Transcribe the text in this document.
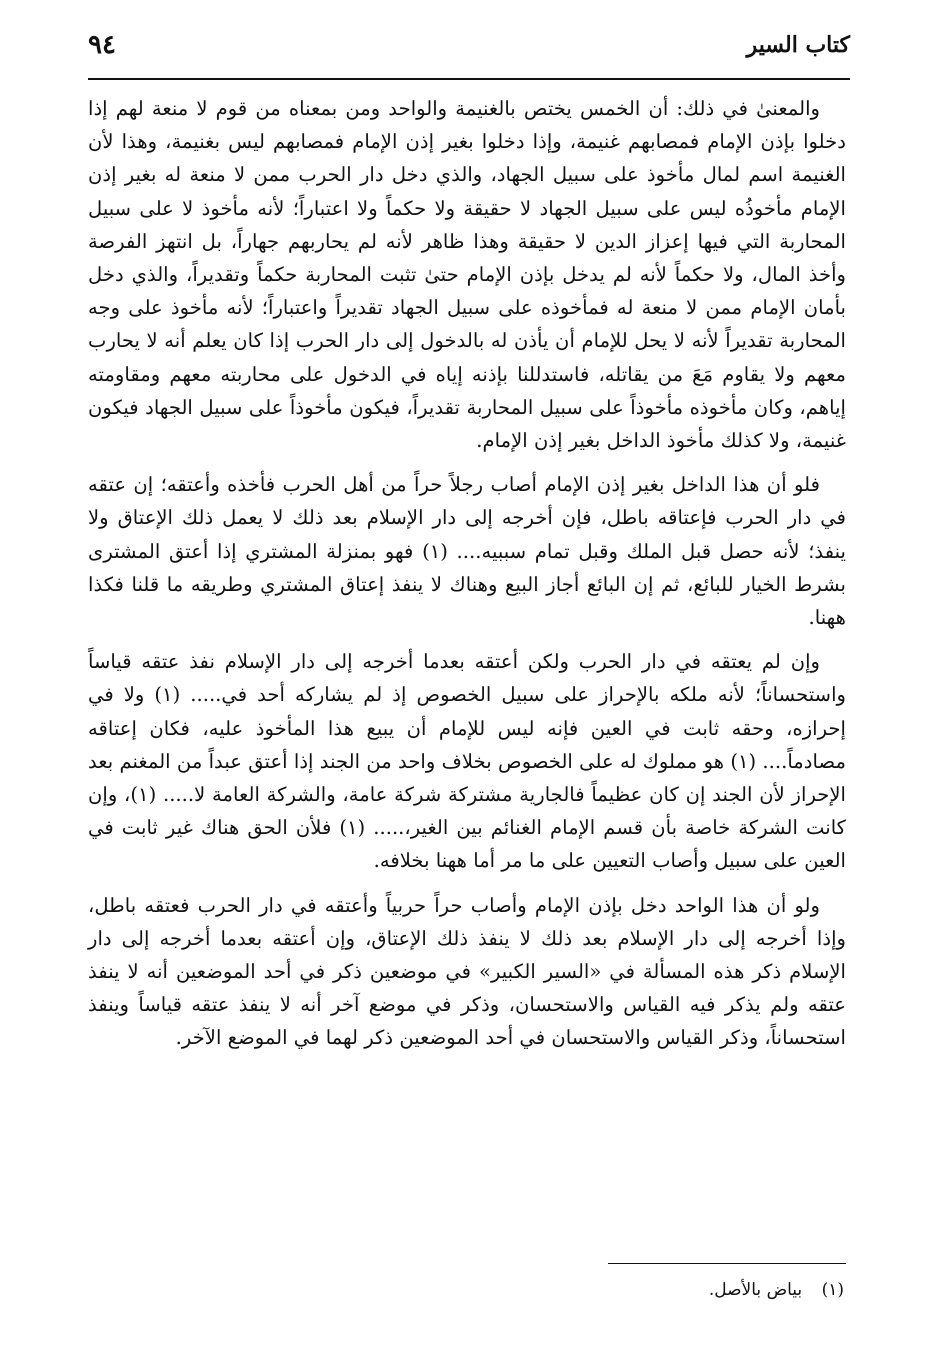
كتاب السير
٩٤

والمعنىٰ في ذلك: أن الخمس يختص بالغنيمة والواحد ومن بمعناه من قوم لا منعة لهم إذا دخلوا بإذن الإمام فمصابهم غنيمة، وإذا دخلوا بغير إذن الإمام فمصابهم ليس بغنيمة، وهذا لأن الغنيمة اسم لمال مأخوذ على سبيل الجهاد، والذي دخل دار الحرب ممن لا منعة له بغير إذن الإمام مأخوذُه ليس على سبيل الجهاد لا حقيقة ولا حكماً ولا اعتباراً؛ لأنه مأخوذ لا على سبيل المحاربة التي فيها إعزاز الدين لا حقيقة وهذا ظاهر لأنه لم يحاربهم جهاراً، بل انتهز الفرصة وأخذ المال، ولا حكماً لأنه لم يدخل بإذن الإمام حتىٰ تثبت المحاربة حكماً وتقديراً، والذي دخل بأمان الإمام ممن لا منعة له فمأخوذه على سبيل الجهاد تقديراً واعتباراً؛ لأنه مأخوذ على وجه المحاربة تقديراً لأنه لا يحل للإمام أن يأذن له بالدخول إلى دار الحرب إذا كان يعلم أنه لا يحارب معهم ولا يقاوم مَعَ من يقاتله، فاستدللنا بإذنه إياه في الدخول على محاربته معهم ومقاومته إياهم، وكان مأخوذه مأخوذاً على سبيل المحاربة تقديراً، فيكون مأخوذاً على سبيل الجهاد فيكون غنيمة، ولا كذلك مأخوذ الداخل بغير إذن الإمام.

فلو أن هذا الداخل بغير إذن الإمام أصاب رجلاً حراً من أهل الحرب فأخذه وأعتقه؛ إن عتقه في دار الحرب فإعتاقه باطل، فإن أخرجه إلى دار الإسلام بعد ذلك لا يعمل ذلك الإعتاق ولا ينفذ؛ لأنه حصل قبل الملك وقبل تمام سببيه.... (١) فهو بمنزلة المشتري إذا أعتق المشترى بشرط الخيار للبائع، ثم إن البائع أجاز البيع وهناك لا ينفذ إعتاق المشتري وطريقه ما قلنا فكذا ههنا.

وإن لم يعتقه في دار الحرب ولكن أعتقه بعدما أخرجه إلى دار الإسلام نفذ عتقه قياساً واستحساناً؛ لأنه ملكه بالإحراز على سبيل الخصوص إذ لم يشاركه أحد في..... (١) ولا في إحرازه، وحقه ثابت في العين فإنه ليس للإمام أن يبيع هذا المأخوذ عليه، فكان إعتاقه مصادماً.... (١) هو مملوك له على الخصوص بخلاف واحد من الجند إذا أعتق عبداً من المغنم بعد الإحراز لأن الجند إن كان عظيماً فالجارية مشتركة شركة عامة، والشركة العامة لا..... (١)، وإن كانت الشركة خاصة بأن قسم الإمام الغنائم بين الغير،..... (١) فلأن الحق هناك غير ثابت في العين على سبيل وأصاب التعيين على ما مر أما ههنا بخلافه.

ولو أن هذا الواحد دخل بإذن الإمام وأصاب حراً حربياً وأعتقه في دار الحرب فعتقه باطل، وإذا أخرجه إلى دار الإسلام بعد ذلك لا ينفذ ذلك الإعتاق، وإن أعتقه بعدما أخرجه إلى دار الإسلام ذكر هذه المسألة في «السير الكبير» في موضعين ذكر في أحد الموضعين أنه لا ينفذ عتقه ولم يذكر فيه القياس والاستحسان، وذكر في موضع آخر أنه لا ينفذ عتقه قياساً وينفذ استحساناً، وذكر القياس والاستحسان في أحد الموضعين ذكر لهما في الموضع الآخر.

(١) بياض بالأصل.
